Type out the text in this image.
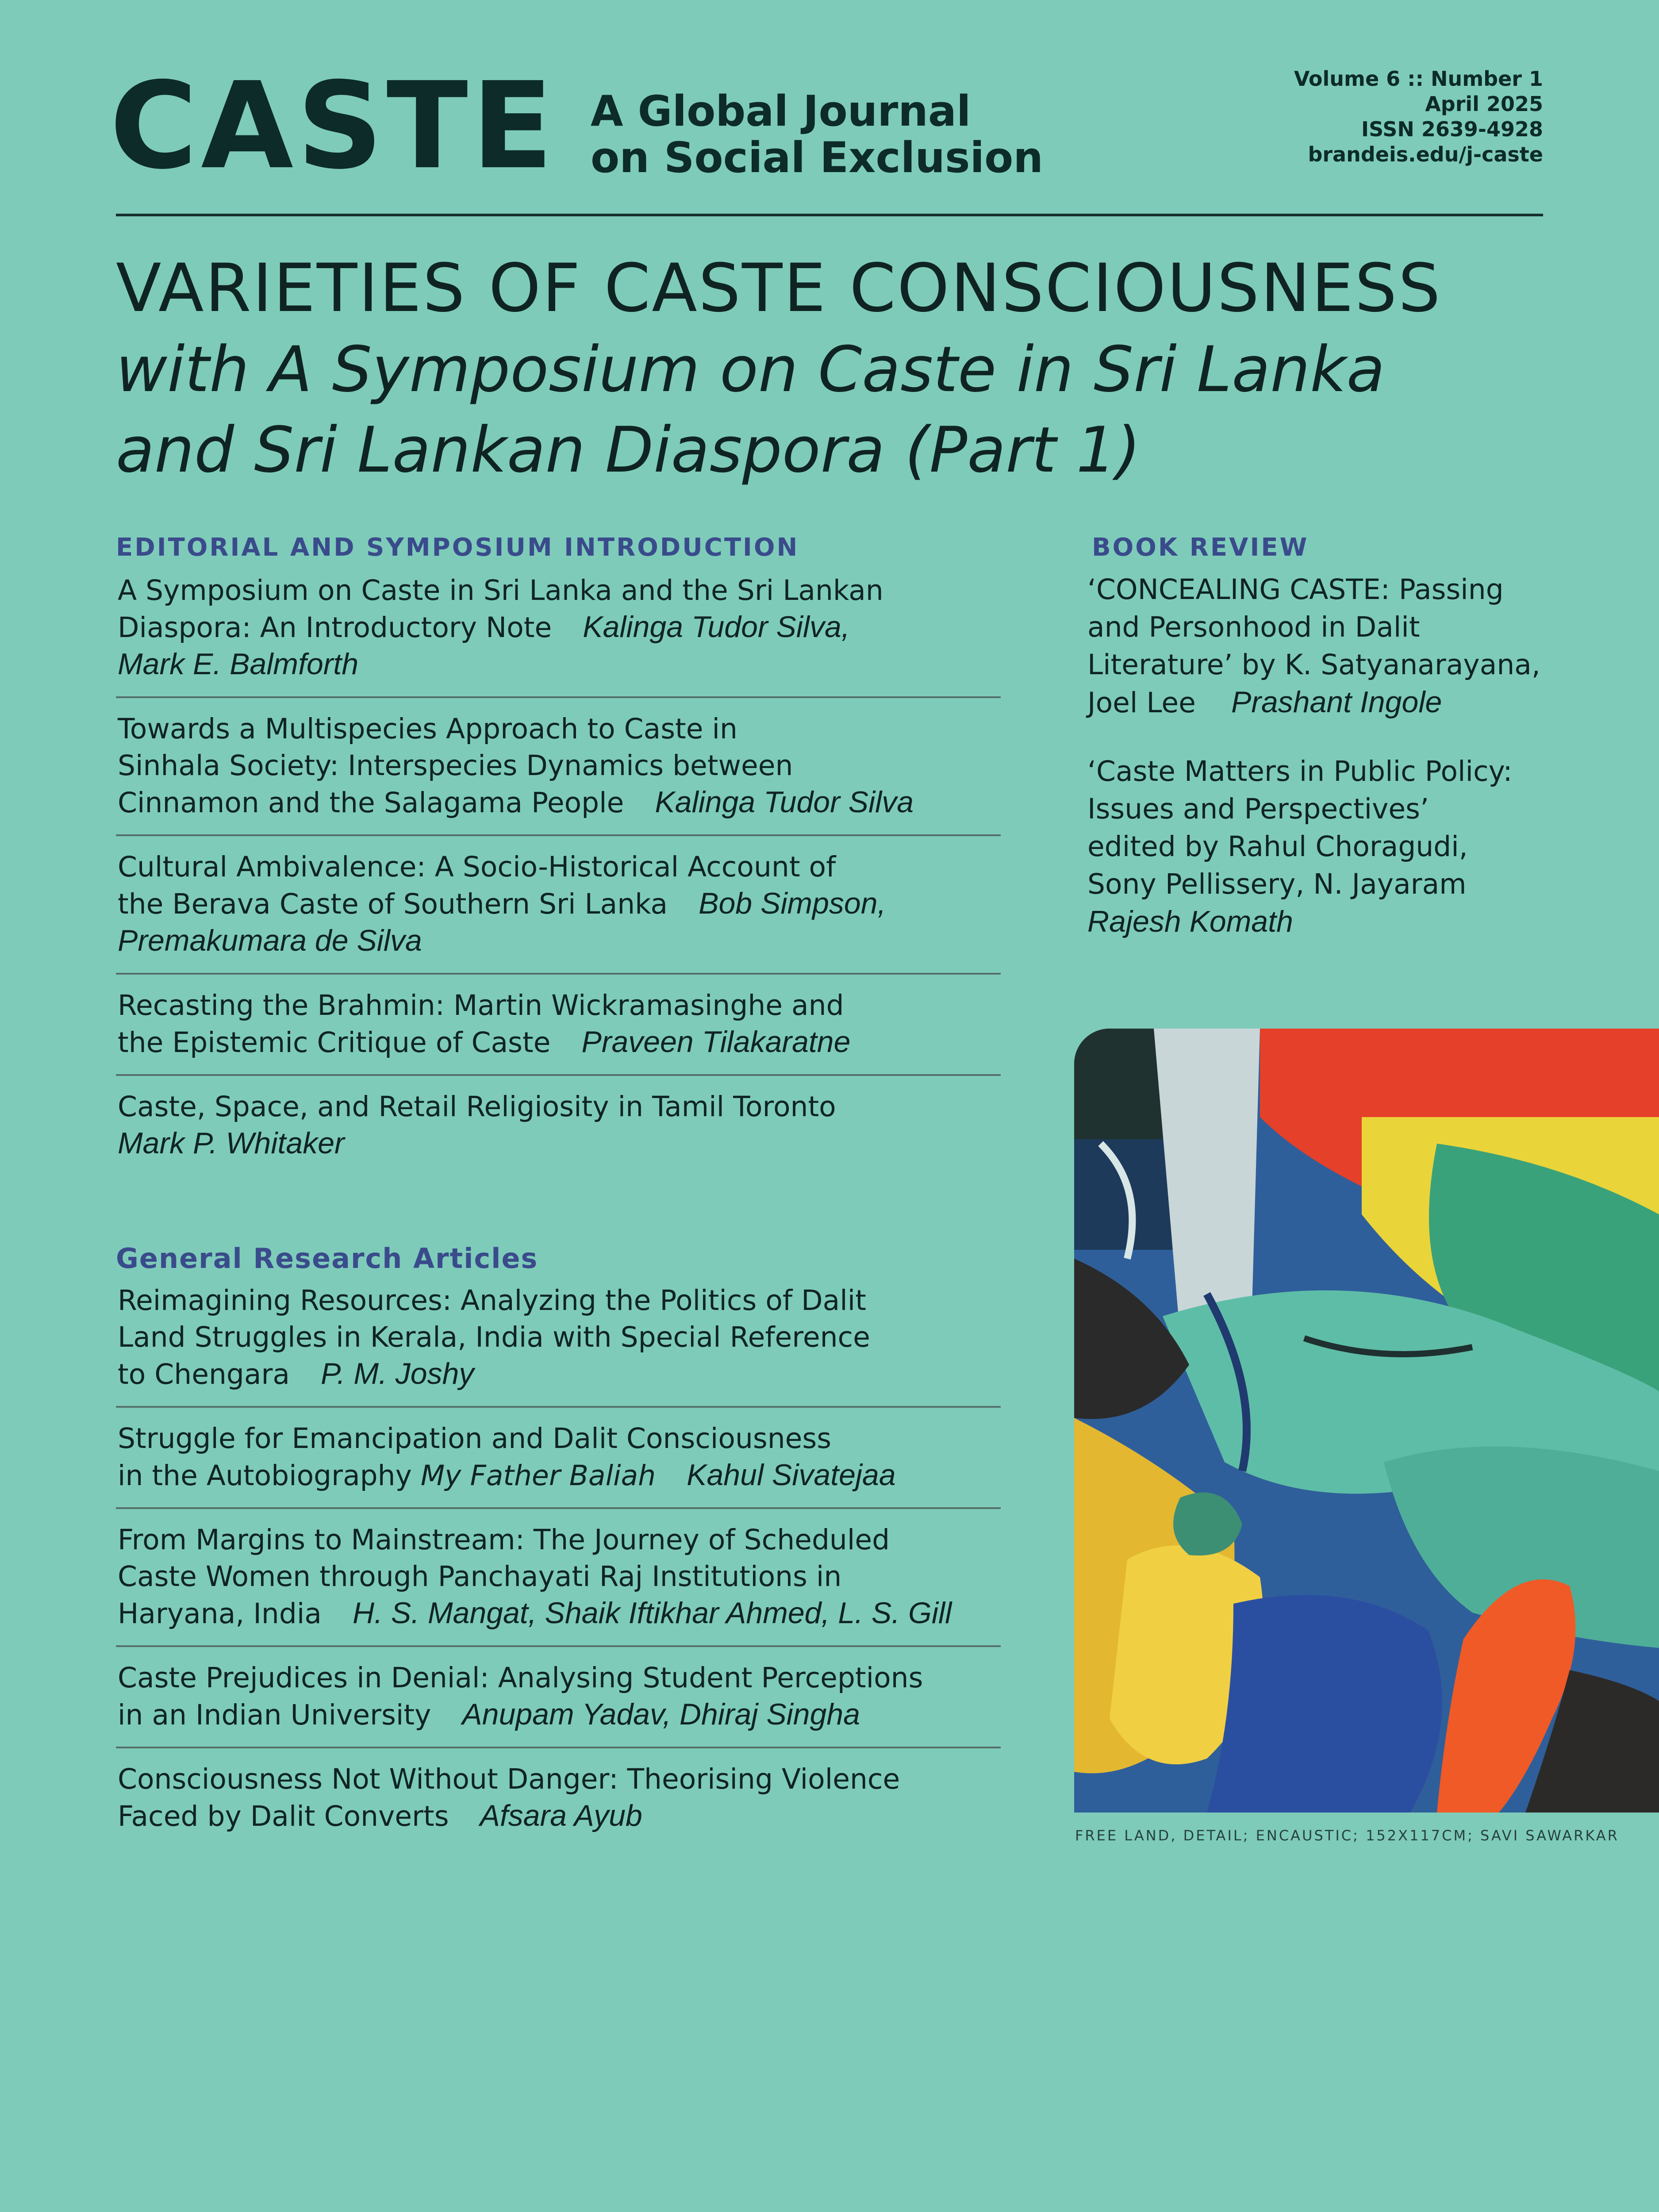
CASTE A Global Journal
on Social Exclusion
Volume 6 :: Number 1
April 2025
ISSN 2639-4928
brandeis.edu/j-caste
VARIETIES OF CASTE CONSCIOUSNESS
with A Symposium on Caste in Sri Lanka
and Sri Lankan Diaspora (Part 1)
EDITORIAL AND SYMPOSIUM INTRODUCTION
A Symposium on Caste in Sri Lanka and the Sri Lankan
Diaspora: An Introductory Note Kalinga Tudor Silva,
Mark E. Balmforth
Towards a Multispecies Approach to Caste in
Sinhala Society: Interspecies Dynamics between
Cinnamon and the Salagama People Kalinga Tudor Silva
Cultural Ambivalence: A Socio-Historical Account of
the Berava Caste of Southern Sri Lanka Bob Simpson,
Premakumara de Silva
Recasting the Brahmin: Martin Wickramasinghe and
the Epistemic Critique of Caste Praveen Tilakaratne
Caste, Space, and Retail Religiosity in Tamil Toronto
Mark P. Whitaker
General Research Articles
Reimagining Resources: Analyzing the Politics of Dalit
Land Struggles in Kerala, India with Special Reference
to Chengara P. M. Joshy
Struggle for Emancipation and Dalit Consciousness
in the Autobiography My Father Baliah Kahul Sivatejaa
From Margins to Mainstream: The Journey of Scheduled
Caste Women through Panchayati Raj Institutions in
Haryana, India H. S. Mangat, Shaik Iftikhar Ahmed, L. S. Gill
Caste Prejudices in Denial: Analysing Student Perceptions
in an Indian University Anupam Yadav, Dhiraj Singha
Consciousness Not Without Danger: Theorising Violence
Faced by Dalit Converts Afsara Ayub
BOOK REVIEW
‘CONCEALING CASTE: Passing
and Personhood in Dalit
Literature’ by K. Satyanarayana,
Joel Lee Prashant Ingole
‘Caste Matters in Public Policy:
Issues and Perspectives’
edited by Rahul Choragudi,
Sony Pellissery, N. Jayaram
Rajesh Komath
FREE LAND, DETAIL; ENCAUSTIC; 152X117CM; SAVI SAWARKAR
